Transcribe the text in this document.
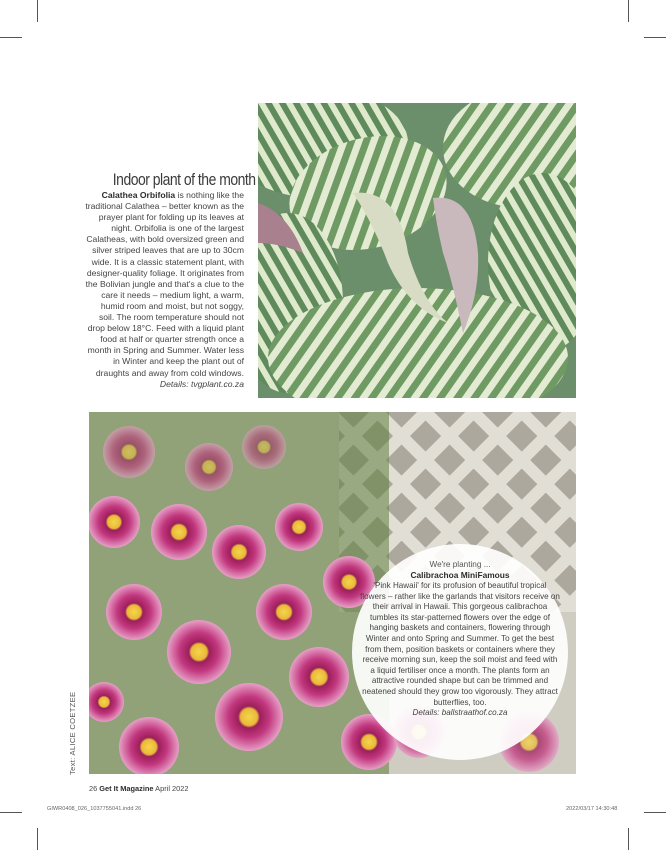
Indoor plant of the month

Calathea Orbifolia is nothing like the traditional Calathea – better known as the prayer plant for folding up its leaves at night. Orbifolia is one of the largest Calatheas, with bold oversized green and silver striped leaves that are up to 30cm wide. It is a classic statement plant, with designer-quality foliage. It originates from the Bolivian jungle and that's a clue to the care it needs – medium light, a warm, humid room and moist, but not soggy, soil. The room temperature should not drop below 18°C. Feed with a liquid plant food at half or quarter strength once a month in Spring and Summer. Water less in Winter and keep the plant out of draughts and away from cold windows. Details: tvgplant.co.za

We're planting ...
Calibrachoa MiniFamous
'Pink Hawaii' for its profusion of beautiful tropical flowers – rather like the garlands that visitors receive on their arrival in Hawaii. This gorgeous calibrachoa tumbles its star-patterned flowers over the edge of hanging baskets and containers, flowering through Winter and onto Spring and Summer. To get the best from them, position baskets or containers where they receive morning sun, keep the soil moist and feed with a liquid fertiliser once a month. The plants form an attractive rounded shape but can be trimmed and neatened should they grow too vigorously. They attract butterflies, too.
Details: ballstraathof.co.za
Text: ALICE COETZEE
26 Get It Magazine April 2022
GIWR0408_026_1037755041.indd 26	2022/03/17 14:30:48
